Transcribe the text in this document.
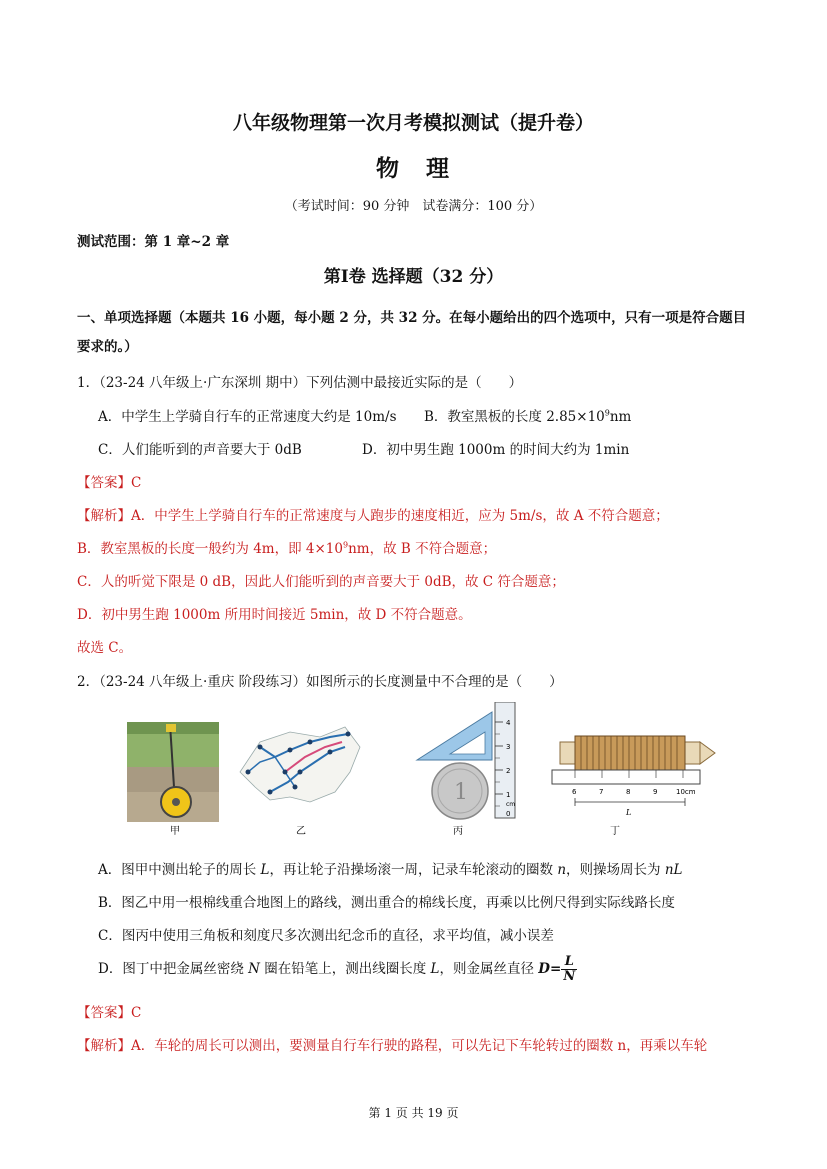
八年级物理第一次月考模拟测试（提升卷）
物　理
（考试时间：90 分钟　试卷满分：100 分）
测试范围：第 1 章~2 章
第Ⅰ卷 选择题（32 分）
一、单项选择题（本题共 16 小题，每小题 2 分，共 32 分。在每小题给出的四个选项中，只有一项是符合题目要求的。）
1．（23-24 八年级上·广东深圳 期中）下列估测中最接近实际的是（　　）
A．中学生上学骑自行车的正常速度大约是 10m/s B．教室黑板的长度 $2.85\times 10^9nm$
C．人们能听到的声音要大于 0dB	D．初中男生跑 1000m 的时间大约为 1min
【答案】C
【解析】A．中学生上学骑自行车的正常速度与人跑步的速度相近，应为 5m/s，故 A 不符合题意；
B．教室黑板的长度一般约为 4m，即 $4\times 10^9nm$，故 B 不符合题意；
C．人的听觉下限是 0 dB，因此人们能听到的声音要大于 0dB，故 C 符合题意；
D．初中男生跑 1000m 所用时间接近 5min，故 D 不符合题意。
故选 C。
2．（23-24 八年级上·重庆 阶段练习）如图所示的长度测量中不合理的是（　　）
甲	乙
0
1
2
3
4
cm
1
丙
6	7	8	9	10cm
L
丁
A．图甲中测出轮子的周长 L，再让轮子沿操场滚一周，记录车轮滚动的圈数 n，则操场周长为 nL
B．图乙中用一根棉线重合地图上的路线，测出重合的棉线长度，再乘以比例尺得到实际线路长度
C．图丙中使用三角板和刻度尺多次测出纪念币的直径，求平均值，减小误差
D．图丁中把金属丝密绕 N 圈在铅笔上，测出线圈长度 L，则金属丝直径 $D= \frac{L}{N}$
【答案】C
【解析】A．车轮的周长可以测出，要测量自行车行驶的路程，可以先记下车轮转过的圈数 n，再乘以车轮
第 1 页 共 19 页
